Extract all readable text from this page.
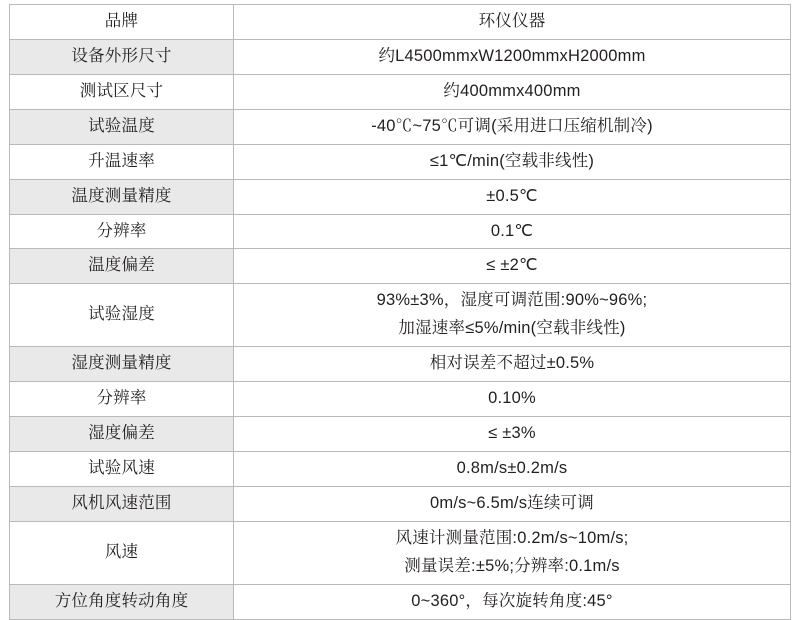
品牌	环仪仪器

设备外形尺寸	约L4500mmxW1200mmxH2000mm

测试区尺寸	约400mmx400mm

试验温度	-40℃~75℃可调(采用进口压缩机制冷)

升温速率	≤1℃/min(空载非线性)

温度测量精度	±0.5℃

分辨率	0.1℃

温度偏差	≤ ±2℃

试验湿度	93%±3%，湿度可调范围:90%~96%;
加湿速率≤5%/min(空载非线性)

湿度测量精度	相对误差不超过±0.5%

分辨率	0.10%

湿度偏差	≤ ±3%

试验风速	0.8m/s±0.2m/s

风机风速范围	0m/s~6.5m/s连续可调

风速	风速计测量范围:0.2m/s~10m/s;
测量误差:±5%;分辨率:0.1m/s

方位角度转动角度	0~360°，每次旋转角度:45°
